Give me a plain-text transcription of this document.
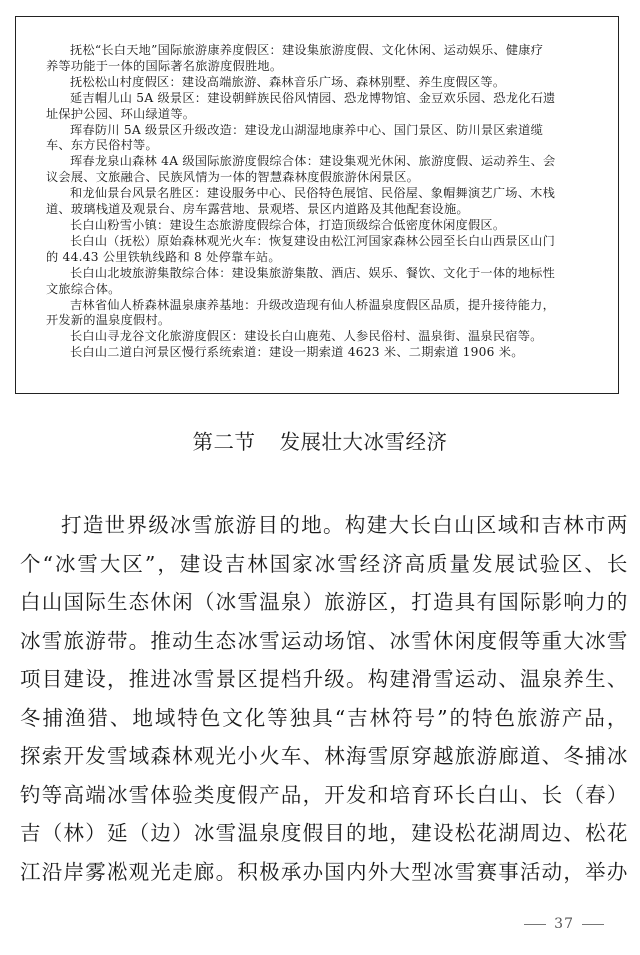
抚松“长白天地”国际旅游康养度假区：建设集旅游度假、文化休闲、运动娱乐、健康疗
养等功能于一体的国际著名旅游度假胜地。
抚松松山村度假区：建设高端旅游、森林音乐广场、森林别墅、养生度假区等。
延吉帽儿山 5A 级景区：建设朝鲜族民俗风情园、恐龙博物馆、金豆欢乐园、恐龙化石遗
址保护公园、环山绿道等。
珲春防川 5A 级景区升级改造：建设龙山湖湿地康养中心、国门景区、防川景区索道缆
车、东方民俗村等。
珲春龙泉山森林 4A 级国际旅游度假综合体：建设集观光休闲、旅游度假、运动养生、会
议会展、文旅融合、民族风情为一体的智慧森林度假旅游休闲景区。
和龙仙景台风景名胜区：建设服务中心、民俗特色展馆、民俗屋、象帽舞演艺广场、木栈
道、玻璃栈道及观景台、房车露营地、景观塔、景区内道路及其他配套设施。
长白山粉雪小镇：建设生态旅游度假综合体，打造顶级综合低密度休闲度假区。
长白山（抚松）原始森林观光火车：恢复建设由松江河国家森林公园至长白山西景区山门
的 44.43 公里铁轨线路和 8 处停靠车站。
长白山北坡旅游集散综合体：建设集旅游集散、酒店、娱乐、餐饮、文化于一体的地标性
文旅综合体。
吉林省仙人桥森林温泉康养基地：升级改造现有仙人桥温泉度假区品质，提升接待能力，
开发新的温泉度假村。
长白山寻龙谷文化旅游度假区：建设长白山鹿苑、人参民俗村、温泉街、温泉民宿等。
长白山二道白河景区慢行系统索道：建设一期索道 4623 米、二期索道 1906 米。
第二节 发展壮大冰雪经济
打造世界级冰雪旅游目的地。构建大长白山区域和吉林市两
个“冰雪大区”，建设吉林国家冰雪经济高质量发展试验区、长
白山国际生态休闲（冰雪温泉）旅游区，打造具有国际影响力的
冰雪旅游带。推动生态冰雪运动场馆、冰雪休闲度假等重大冰雪
项目建设，推进冰雪景区提档升级。构建滑雪运动、温泉养生、
冬捕渔猎、地域特色文化等独具“吉林符号”的特色旅游产品，
探索开发雪域森林观光小火车、林海雪原穿越旅游廊道、冬捕冰
钓等高端冰雪体验类度假产品，开发和培育环长白山、长（春）
吉（林）延（边）冰雪温泉度假目的地，建设松花湖周边、松花
江沿岸雾凇观光走廊。积极承办国内外大型冰雪赛事活动，举办
37
